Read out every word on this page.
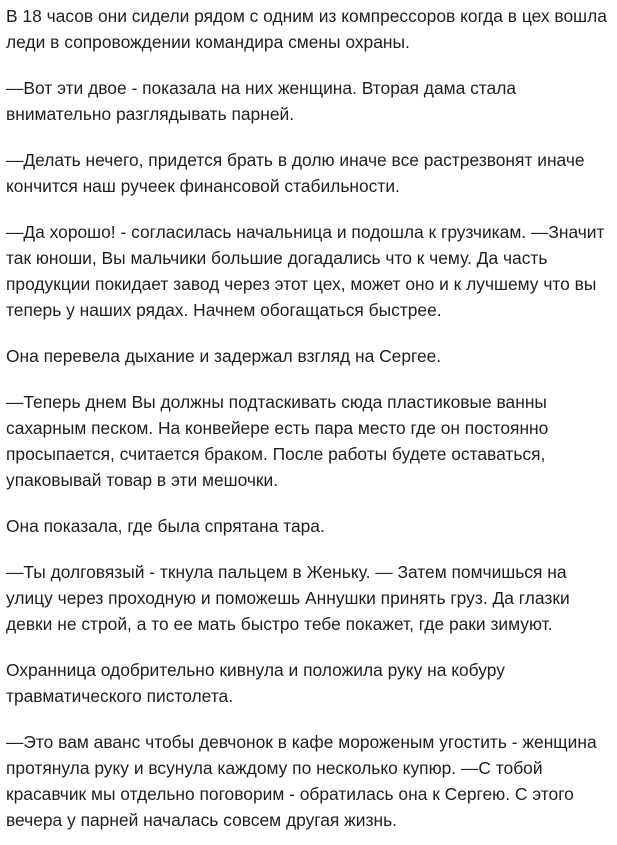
В 18 часов они сидели рядом с одним из компрессоров когда в цех вошла леди в сопровождении командира смены охраны.

—Вот эти двое - показала на них женщина. Вторая дама стала внимательно разглядывать парней.

—Делать нечего, придется брать в долю иначе все растрезвонят иначе кончится наш ручеек финансовой стабильности.

—Да хорошо! - согласилась начальница и подошла к грузчикам. —Значит так юноши, Вы мальчики большие догадались что к чему. Да часть продукции покидает завод через этот цех, может оно и к лучшему что вы теперь у наших рядах. Начнем обогащаться быстрее.

Она перевела дыхание и задержал взгляд на Сергее.

—Теперь днем Вы должны подтаскивать сюда пластиковые ванны сахарным песком. На конвейере есть пара место где он постоянно просыпается, считается браком. После работы будете оставаться, упаковывай товар в эти мешочки.

Она показала, где была спрятана тара.

—Ты долговязый - ткнула пальцем в Женьку. — Затем помчишься на улицу через проходную и поможешь Аннушки принять груз. Да глазки девки не строй, а то ее мать быстро тебе покажет, где раки зимуют.

Охранница одобрительно кивнула и положила руку на кобуру травматического пистолета.

—Это вам аванс чтобы девчонок в кафе мороженым угостить - женщина протянула руку и всунула каждому по несколько купюр. —С тобой красавчик мы отдельно поговорим - обратилась она к Сергею. С этого вечера у парней началась совсем другая жизнь.
